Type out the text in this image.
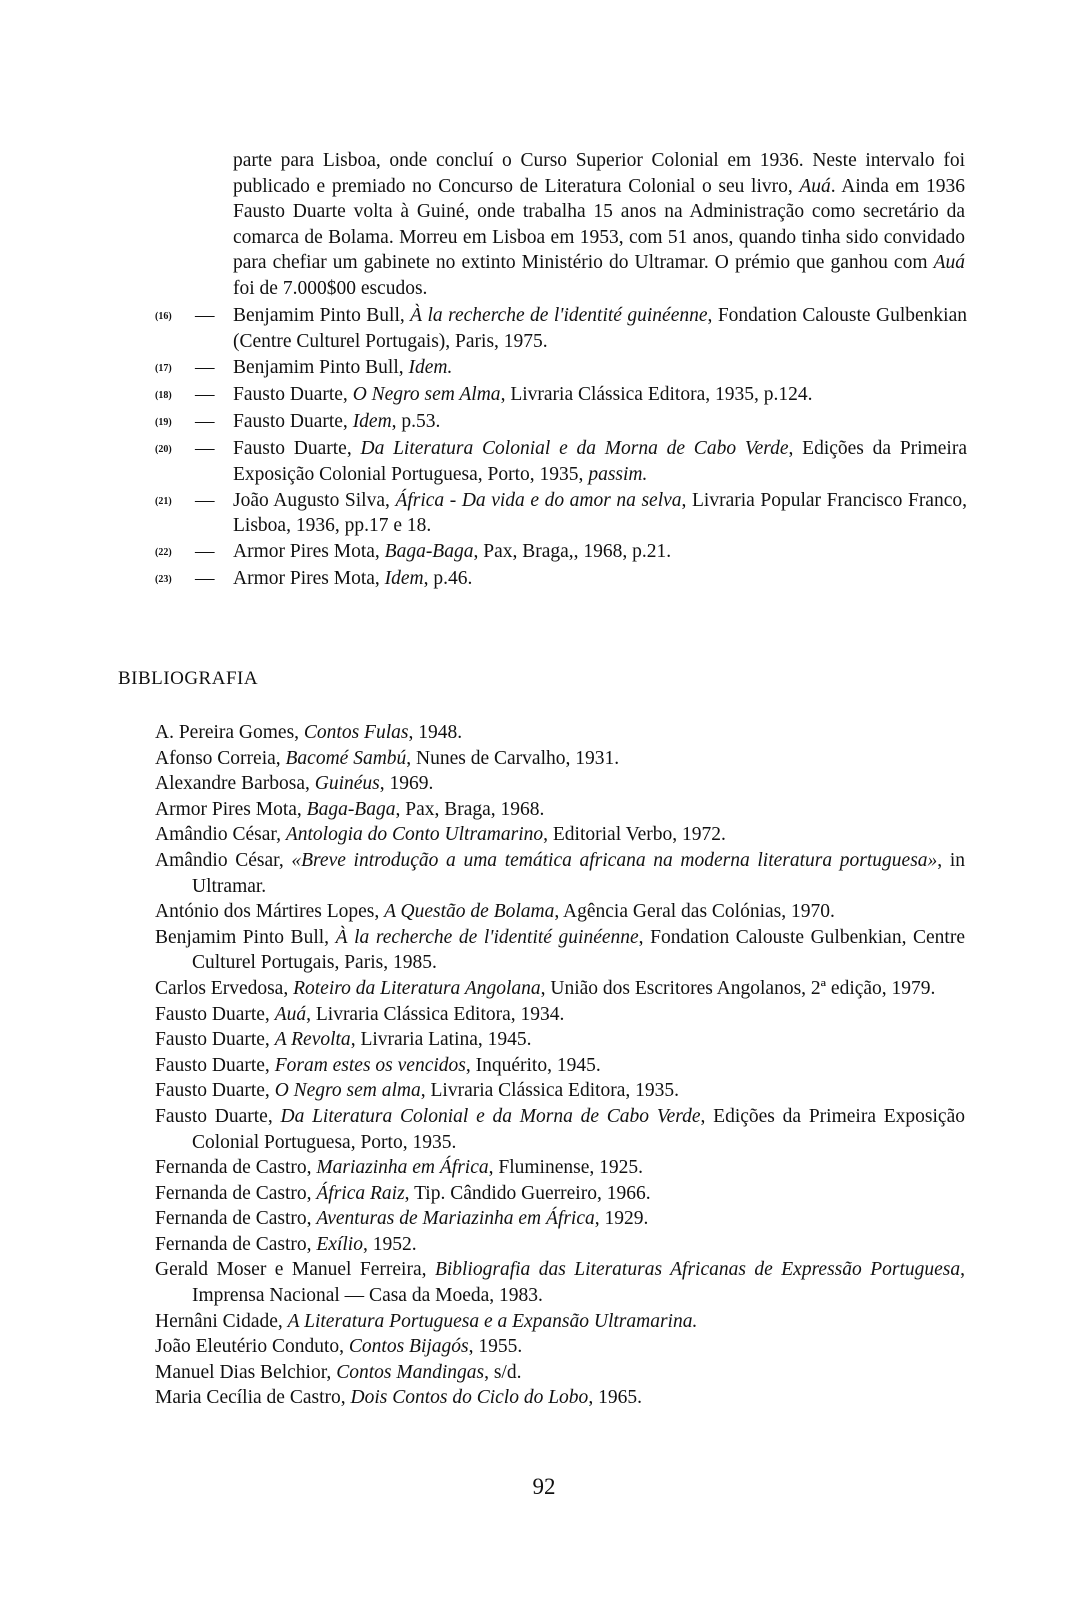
parte para Lisboa, onde concluí o Curso Superior Colonial em 1936. Neste intervalo foi publicado e premiado no Concurso de Literatura Colonial o seu livro, Auá. Ainda em 1936 Fausto Duarte volta à Guiné, onde trabalha 15 anos na Administração como secretário da comarca de Bolama. Morreu em Lisboa em 1953, com 51 anos, quando tinha sido convidado para chefiar um gabinete no extinto Ministério do Ultramar. O prémio que ganhou com Auá foi de 7.000$00 escudos.
(16)	— Benjamim Pinto Bull, À la recherche de l'identité guinéenne, Fondation Calouste Gulbenkian (Centre Culturel Portugais), Paris, 1975.
(17)	— Benjamim Pinto Bull, Idem.
(18)	— Fausto Duarte, O Negro sem Alma, Livraria Clássica Editora, 1935, p.124.
(19)	— Fausto Duarte, Idem, p.53.
(20)	— Fausto Duarte, Da Literatura Colonial e da Morna de Cabo Verde, Edições da Primeira Exposição Colonial Portuguesa, Porto, 1935, passim.
(21)	— João Augusto Silva, África - Da vida e do amor na selva, Livraria Popular Francisco Franco, Lisboa, 1936, pp.17 e 18.
(22)	— Armor Pires Mota, Baga-Baga, Pax, Braga,, 1968, p.21.
(23)	— Armor Pires Mota, Idem, p.46.
BIBLIOGRAFIA
A. Pereira Gomes, Contos Fulas, 1948.
Afonso Correia, Bacomé Sambú, Nunes de Carvalho, 1931.
Alexandre Barbosa, Guinéus, 1969.
Armor Pires Mota, Baga-Baga, Pax, Braga, 1968.
Amândio César, Antologia do Conto Ultramarino, Editorial Verbo, 1972.
Amândio César, «Breve introdução a uma temática africana na moderna literatura portuguesa», in Ultramar.
António dos Mártires Lopes, A Questão de Bolama, Agência Geral das Colónias, 1970.
Benjamim Pinto Bull, À la recherche de l'identité guinéenne, Fondation Calouste Gulbenkian, Centre Culturel Portugais, Paris, 1985.
Carlos Ervedosa, Roteiro da Literatura Angolana, União dos Escritores Angolanos, 2ª edição, 1979.
Fausto Duarte, Auá, Livraria Clássica Editora, 1934.
Fausto Duarte, A Revolta, Livraria Latina, 1945.
Fausto Duarte, Foram estes os vencidos, Inquérito, 1945.
Fausto Duarte, O Negro sem alma, Livraria Clássica Editora, 1935.
Fausto Duarte, Da Literatura Colonial e da Morna de Cabo Verde, Edições da Primeira Exposição Colonial Portuguesa, Porto, 1935.
Fernanda de Castro, Mariazinha em África, Fluminense, 1925.
Fernanda de Castro, África Raiz, Tip. Cândido Guerreiro, 1966.
Fernanda de Castro, Aventuras de Mariazinha em África, 1929.
Fernanda de Castro, Exílio, 1952.
Gerald Moser e Manuel Ferreira, Bibliografia das Literaturas Africanas de Expressão Portuguesa, Imprensa Nacional — Casa da Moeda, 1983.
Hernâni Cidade, A Literatura Portuguesa e a Expansão Ultramarina.
João Eleutério Conduto, Contos Bijagós, 1955.
Manuel Dias Belchior, Contos Mandingas, s/d.
Maria Cecília de Castro, Dois Contos do Ciclo do Lobo, 1965.
92
